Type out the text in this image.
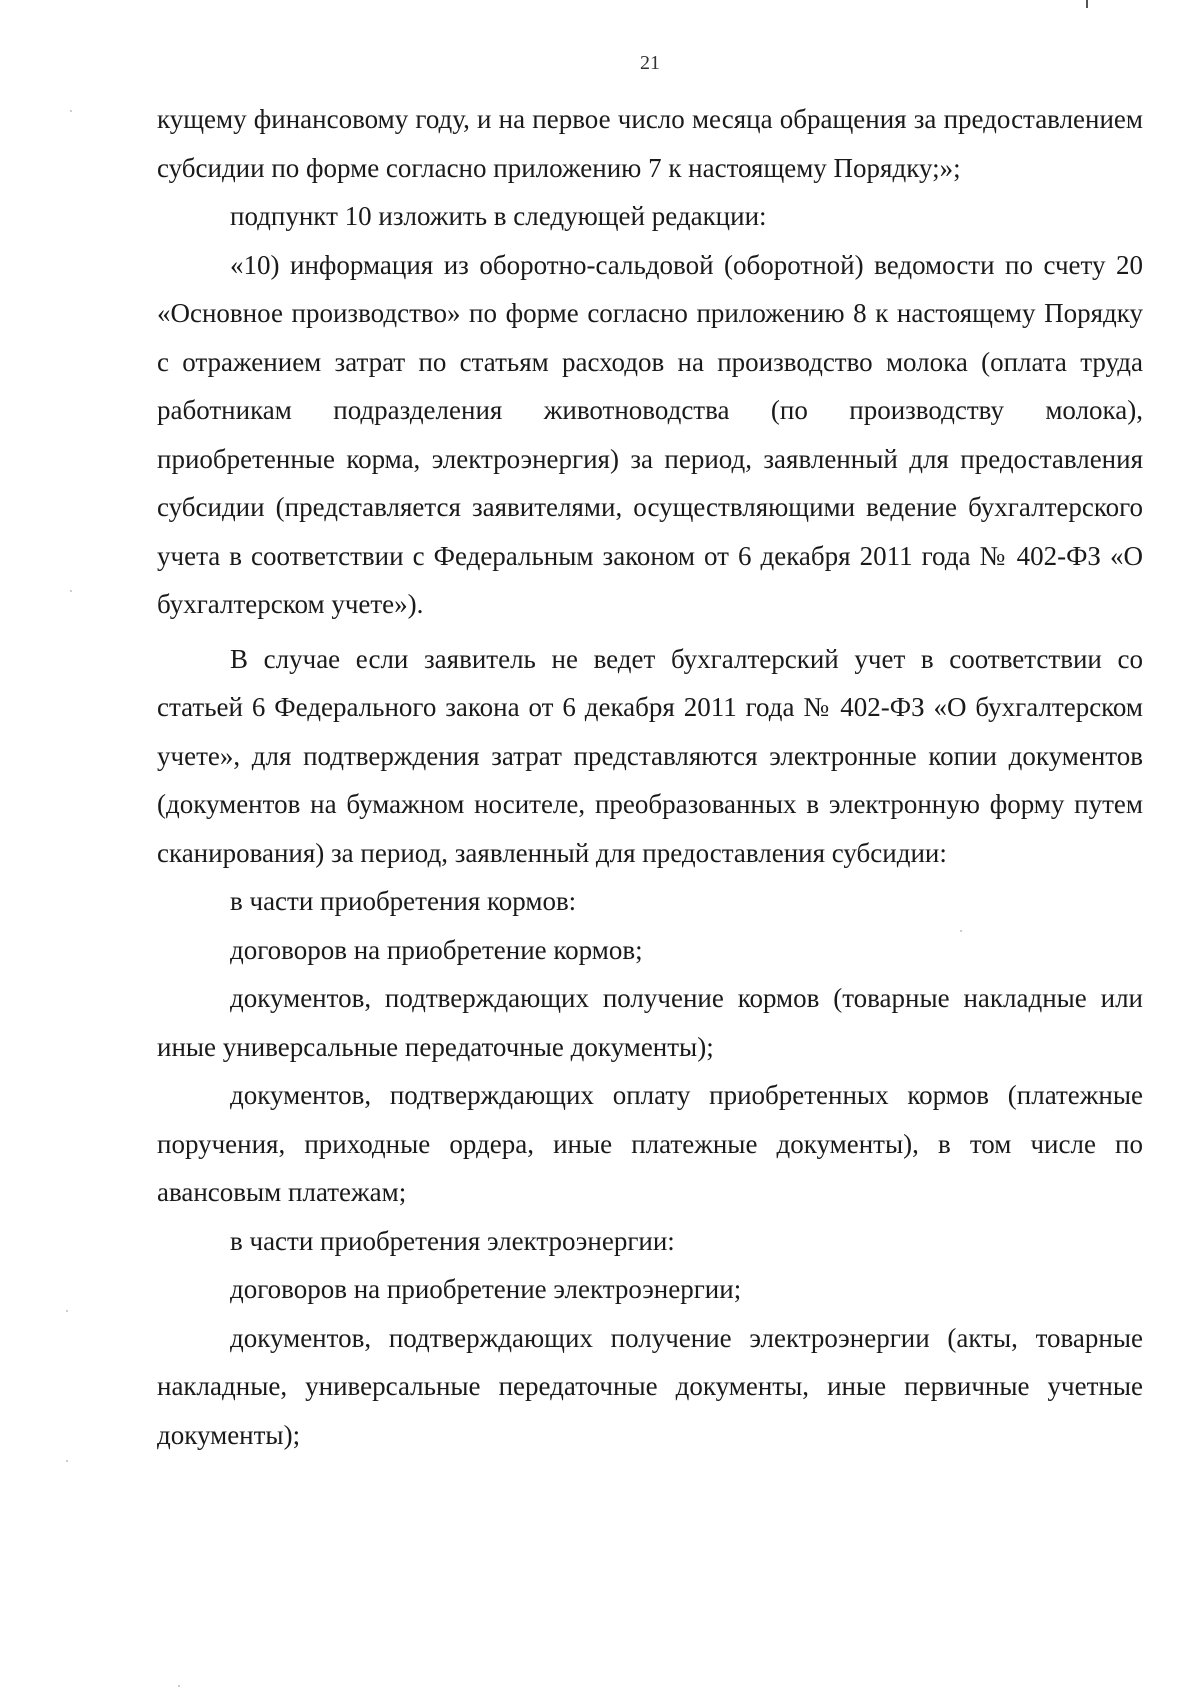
21

кущему финансовому году, и на первое число месяца обращения за предоставлением субсидии по форме согласно приложению 7 к настоящему Порядку;»;

подпункт 10 изложить в следующей редакции:

«10) информация из оборотно-сальдовой (оборотной) ведомости по счету 20 «Основное производство» по форме согласно приложению 8 к настоящему Порядку с отражением затрат по статьям расходов на производство молока (оплата труда работникам подразделения животноводства (по производству молока), приобретенные корма, электроэнергия) за период, заявленный для предоставления субсидии (представляется заявителями, осуществляющими ведение бухгалтерского учета в соответствии с Федеральным законом от 6 декабря 2011 года № 402-ФЗ «О бухгалтерском учете»).

В случае если заявитель не ведет бухгалтерский учет в соответствии со статьей 6 Федерального закона от 6 декабря 2011 года № 402-ФЗ «О бухгалтерском учете», для подтверждения затрат представляются электронные копии документов (документов на бумажном носителе, преобразованных в электронную форму путем сканирования) за период, заявленный для предоставления субсидии:

в части приобретения кормов:

договоров на приобретение кормов;

документов, подтверждающих получение кормов (товарные накладные или иные универсальные передаточные документы);

документов, подтверждающих оплату приобретенных кормов (платежные поручения, приходные ордера, иные платежные документы), в том числе по авансовым платежам;

в части приобретения электроэнергии:

договоров на приобретение электроэнергии;

документов, подтверждающих получение электроэнергии (акты, товарные накладные, универсальные передаточные документы, иные первичные учетные документы);
